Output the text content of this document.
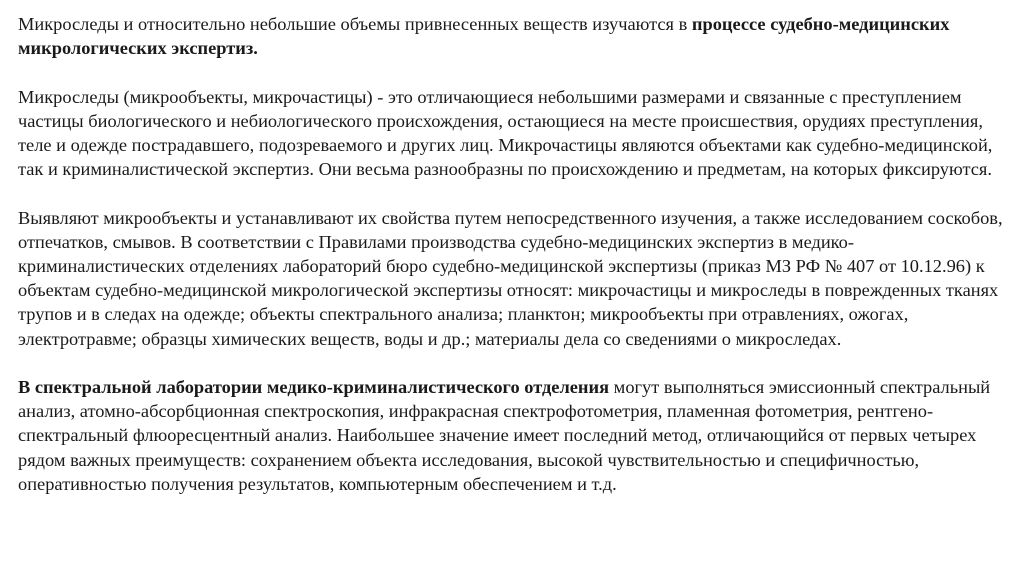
Микроследы и относительно небольшие объемы привнесенных веществ изучаются в процессе судебно-медицинских микрологических экспертиз.

Микроследы (микрообъекты, микрочастицы) - это отличающиеся небольшими размерами и связанные с преступлением частицы биологического и небиологического происхождения, остающиеся на месте происшествия, орудиях преступления, теле и одежде пострадавшего, подозреваемого и других лиц. Микрочастицы являются объектами как судебно-медицинской, так и криминалистической экспертиз. Они весьма разнообразны по происхождению и предметам, на которых фиксируются.

Выявляют микрообъекты и устанавливают их свойства путем непосредственного изучения, а также исследованием соскобов, отпечатков, смывов. В соответствии с Правилами производства судебно-медицинских экспертиз в медико-криминалистических отделениях лабораторий бюро судебно-медицинской экспертизы (приказ МЗ РФ № 407 от 10.12.96) к объектам судебно-медицинской микрологической экспертизы относят: микрочастицы и микроследы в поврежденных тканях трупов и в следах на одежде; объекты спектрального анализа; планктон; микрообъекты при отравлениях, ожогах, электротравме; образцы химических веществ, воды и др.; материалы дела со сведениями о микроследах.

В спектральной лаборатории медико-криминалистического отделения могут выполняться эмиссионный спектральный анализ, атомно-абсорбционная спектроскопия, инфракрасная спектрофотометрия, пламенная фотометрия, рентгено-спектральный флюоресцентный анализ. Наибольшее значение имеет последний метод, отличающийся от первых четырех рядом важных преимуществ: сохранением объекта исследования, высокой чувствительностью и специфичностью, оперативностью получения результатов, компьютерным обеспечением и т.д.
